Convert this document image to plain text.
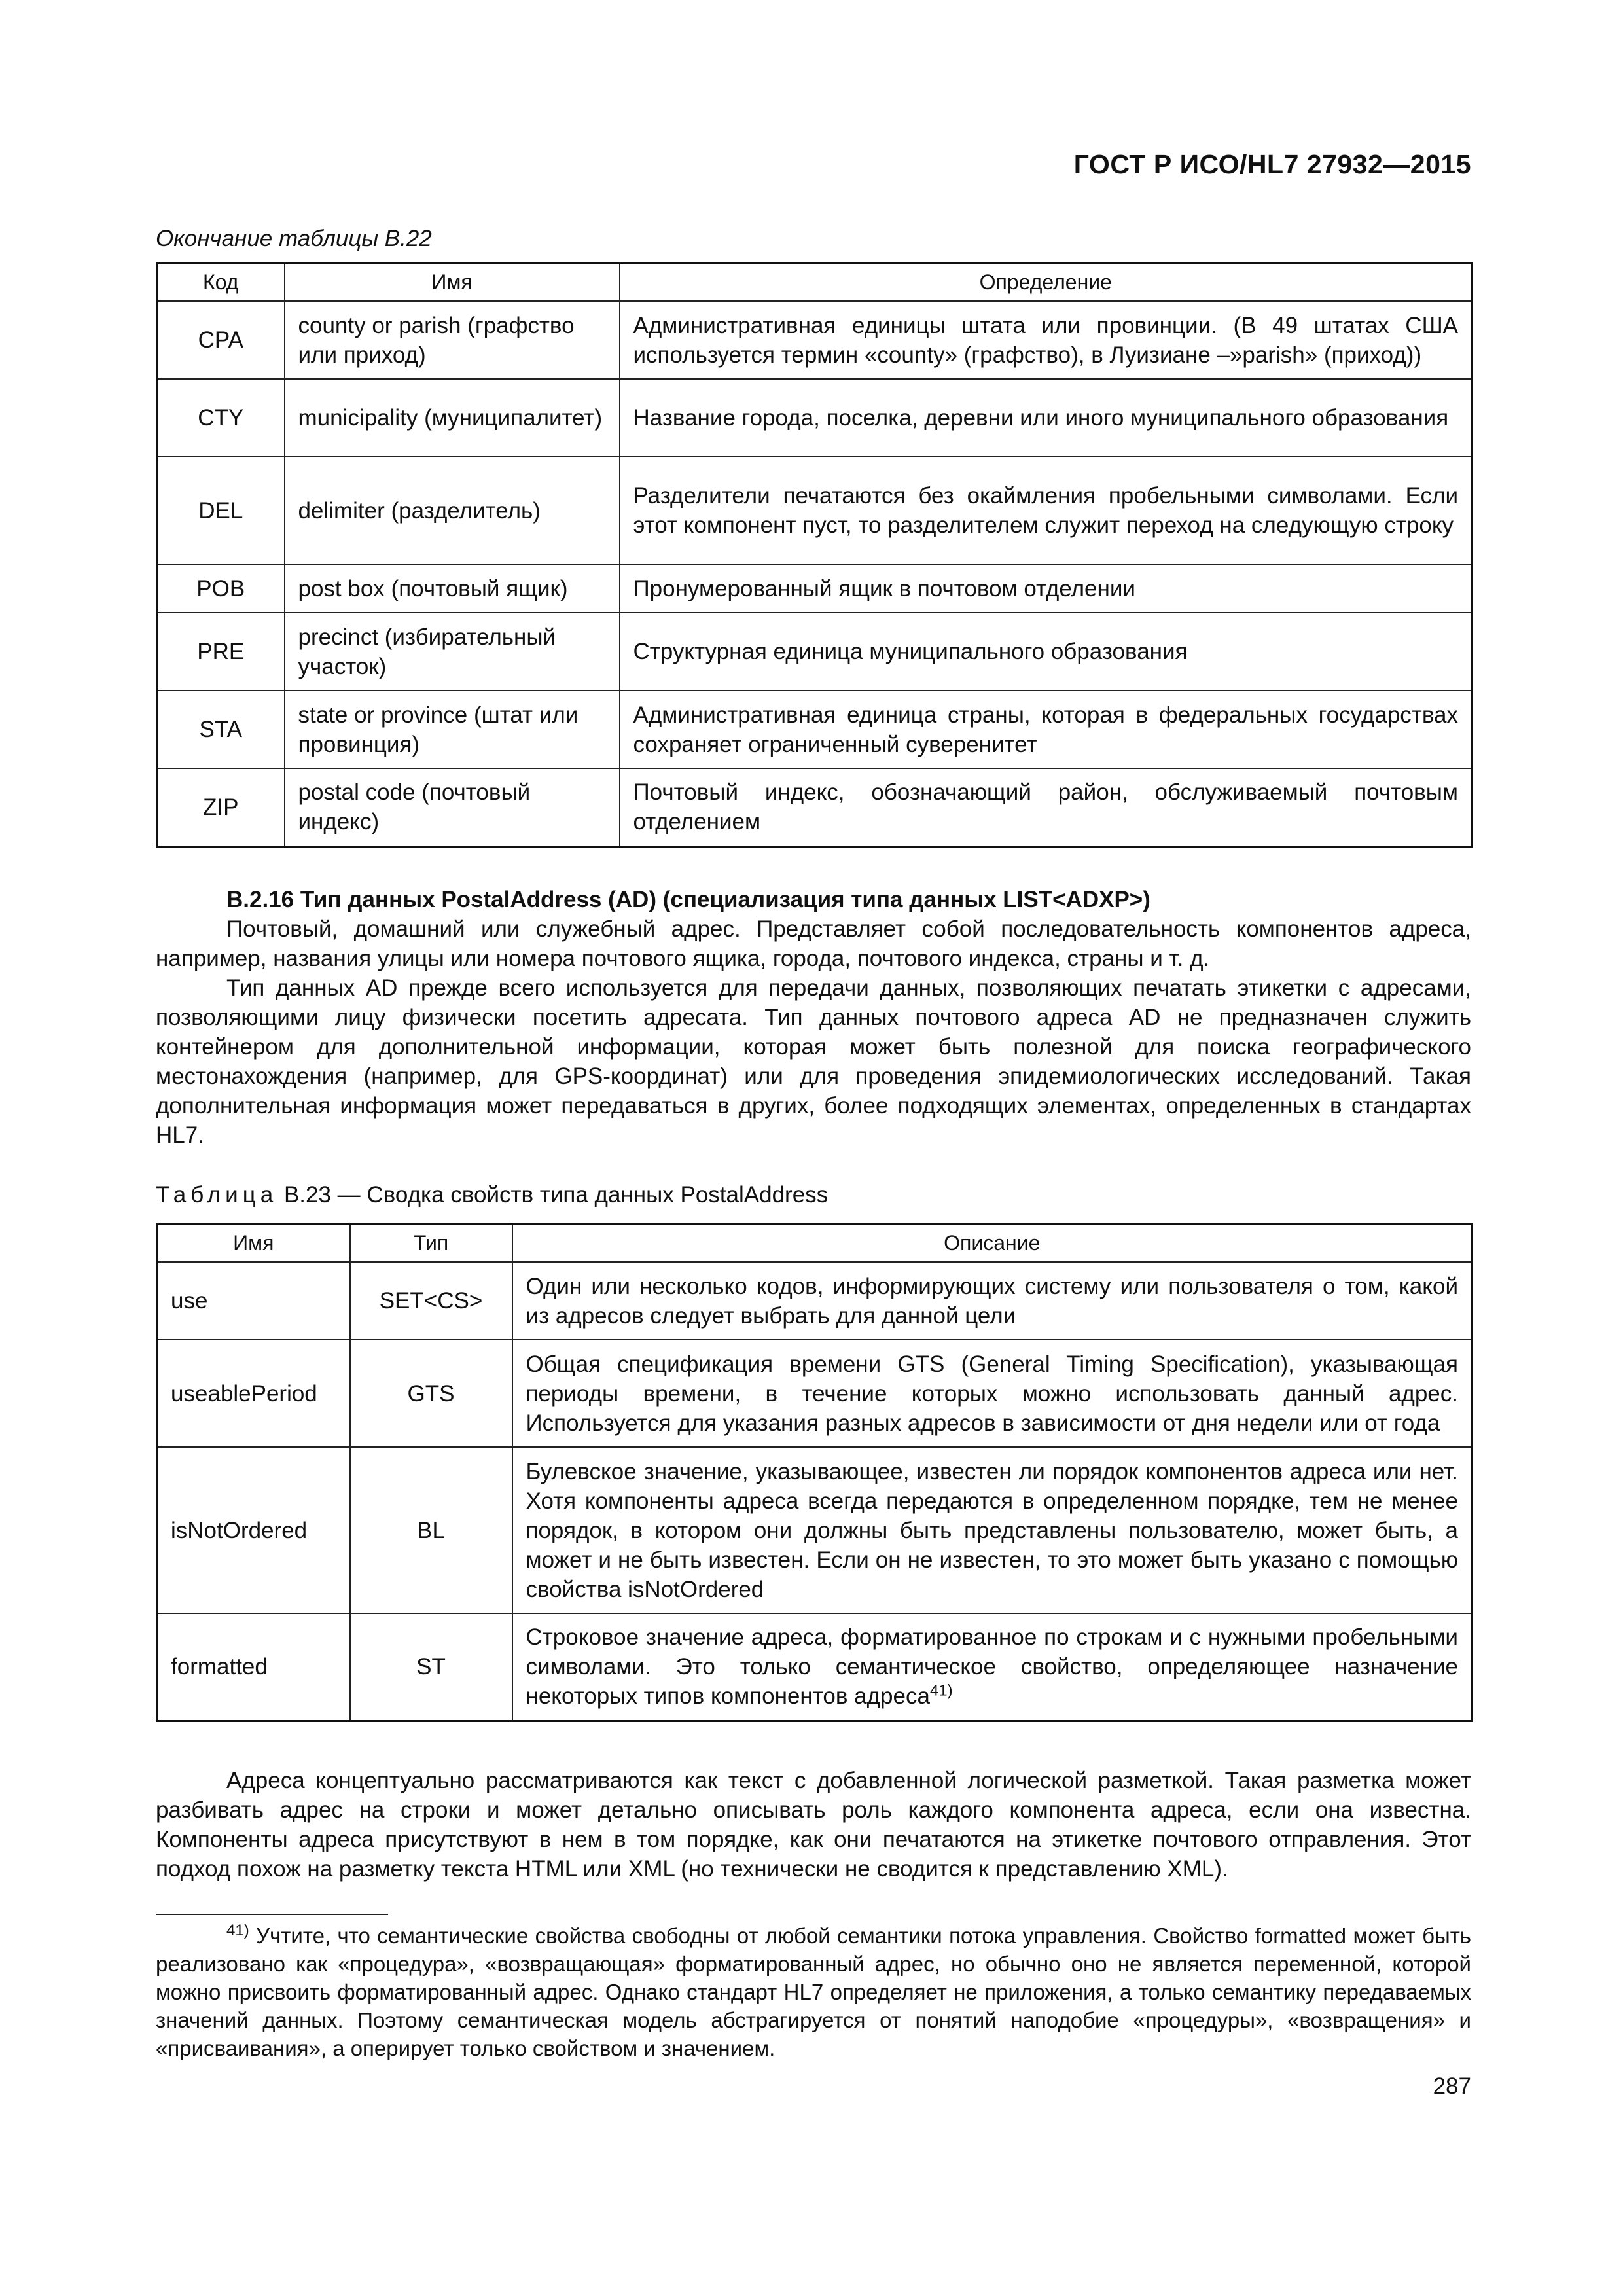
ГОСТ Р ИСО/HL7 27932—2015
Окончание таблицы В.22
Код	Имя	Определение
CPA	county or parish (графство или приход)	Административная единицы штата или провинции. (В 49 штатах США используется термин «county» (графство), в Луизиане –»parish» (приход))
CTY	municipality (муниципалитет)	Название города, поселка, деревни или иного муниципального образования
DEL	delimiter (разделитель)	Разделители печатаются без окаймления пробельными символами. Если этот компонент пуст, то разделителем служит переход на следующую строку
POB	post box (почтовый ящик)	Пронумерованный ящик в почтовом отделении
PRE	precinct (избирательный участок)	Структурная единица муниципального образования
STA	state or province (штат или провинция)	Административная единица страны, которая в федеральных государствах сохраняет ограниченный суверенитет
ZIP	postal code (почтовый индекс)	Почтовый индекс, обозначающий район, обслуживаемый почтовым отделением

В.2.16 Тип данных PostalAddress (AD) (специализация типа данных LIST<ADXP>)

Почтовый, домашний или служебный адрес. Представляет собой последовательность компонентов адреса, например, названия улицы или номера почтового ящика, города, почтового индекса, страны и т. д.

Тип данных AD прежде всего используется для передачи данных, позволяющих печатать этикетки с адресами, позволяющими лицу физически посетить адресата. Тип данных почтового адреса AD не предназначен служить контейнером для дополнительной информации, которая может быть полезной для поиска географического местонахождения (например, для GPS-координат) или для проведения эпидемиологических исследований. Такая дополнительная информация может передаваться в других, более подходящих элементах, определенных в стандартах HL7.

Таблица В.23 — Сводка свойств типа данных PostalAddress
Имя	Тип	Описание
use	SET<CS>	Один или несколько кодов, информирующих систему или пользователя о том, какой из адресов следует выбрать для данной цели
useablePeriod	GTS	Общая спецификация времени GTS (General Timing Specification), указывающая периоды времени, в течение которых можно использовать данный адрес. Используется для указания разных адресов в зависимости от дня недели или от года
isNotOrdered	BL	Булевское значение, указывающее, известен ли порядок компонентов адреса или нет. Хотя компоненты адреса всегда передаются в определенном порядке, тем не менее порядок, в котором они должны быть представлены пользователю, может быть, а может и не быть известен. Если он не известен, то это может быть указано с помощью свойства isNotOrdered
formatted	ST	Строковое значение адреса, форматированное по строкам и с нужными пробельными символами. Это только семантическое свойство, определяющее назначение некоторых типов компонентов адреса$^{41)}$

Адреса концептуально рассматриваются как текст с добавленной логической разметкой. Такая разметка может разбивать адрес на строки и может детально описывать роль каждого компонента адреса, если она известна. Компоненты адреса присутствуют в нем в том порядке, как они печатаются на этикетке почтового отправления. Этот подход похож на разметку текста HTML или XML (но технически не сводится к представлению XML).

$^{41)}$ Учтите, что семантические свойства свободны от любой семантики потока управления. Свойство formatted может быть реализовано как «процедура», «возвращающая» форматированный адрес, но обычно оно не является переменной, которой можно присвоить форматированный адрес. Однако стандарт HL7 определяет не приложения, а только семантику передаваемых значений данных. Поэтому семантическая модель абстрагируется от понятий наподобие «процедуры», «возвращения» и «присваивания», а оперирует только свойством и значением.

287
